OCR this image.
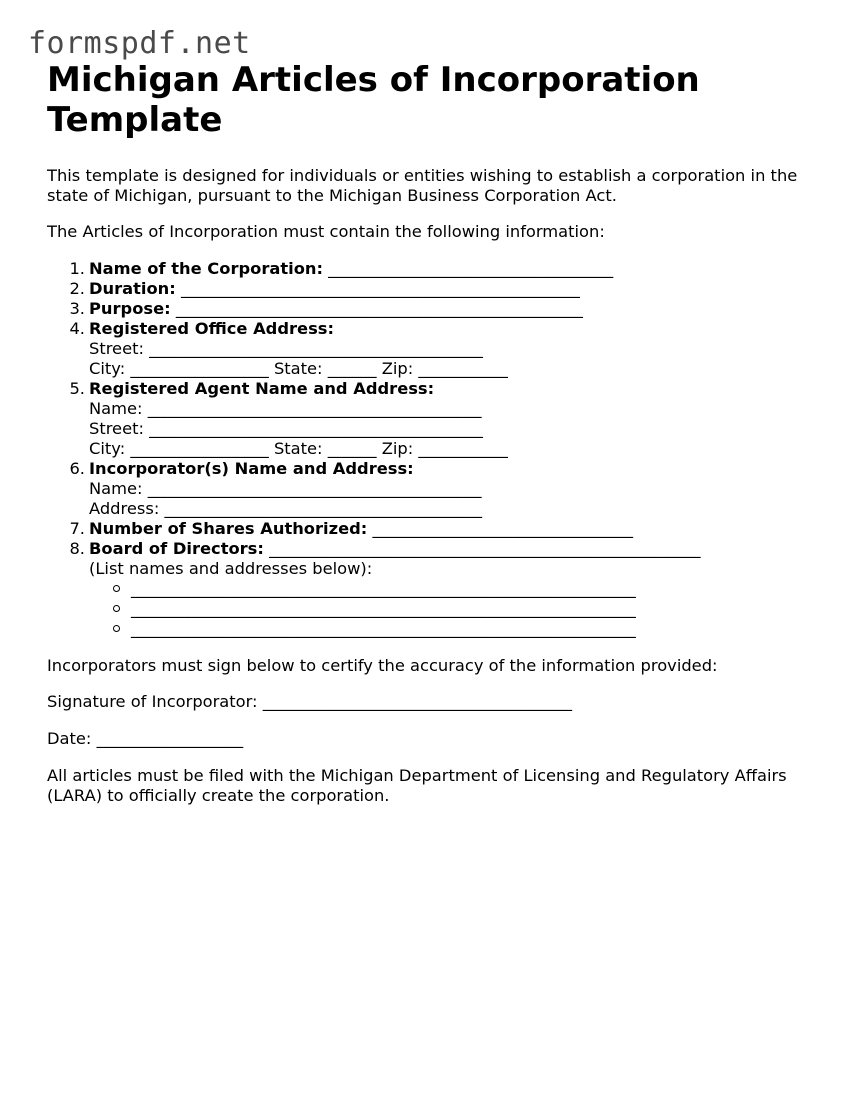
formspdf.net
Michigan Articles of Incorporation Template

This template is designed for individuals or entities wishing to establish a corporation in the state of Michigan, pursuant to the Michigan Business Corporation Act.

The Articles of Incorporation must contain the following information:

1. Name of the Corporation: ___________________________________
2. Duration: _________________________________________________
3. Purpose: __________________________________________________
4. Registered Office Address:
Street: _________________________________________
City: _________________ State: ______ Zip: ___________
5. Registered Agent Name and Address:
Name: _________________________________________
Street: _________________________________________
City: _________________ State: ______ Zip: ___________
6. Incorporator(s) Name and Address:
Name: _________________________________________
Address: _______________________________________
7. Number of Shares Authorized: ________________________________
8. Board of Directors: _____________________________________________________
(List names and addresses below):
______________________________________________________________
______________________________________________________________
______________________________________________________________

Incorporators must sign below to certify the accuracy of the information provided:

Signature of Incorporator: ______________________________________

Date: __________________

All articles must be filed with the Michigan Department of Licensing and Regulatory Affairs (LARA) to officially create the corporation.
